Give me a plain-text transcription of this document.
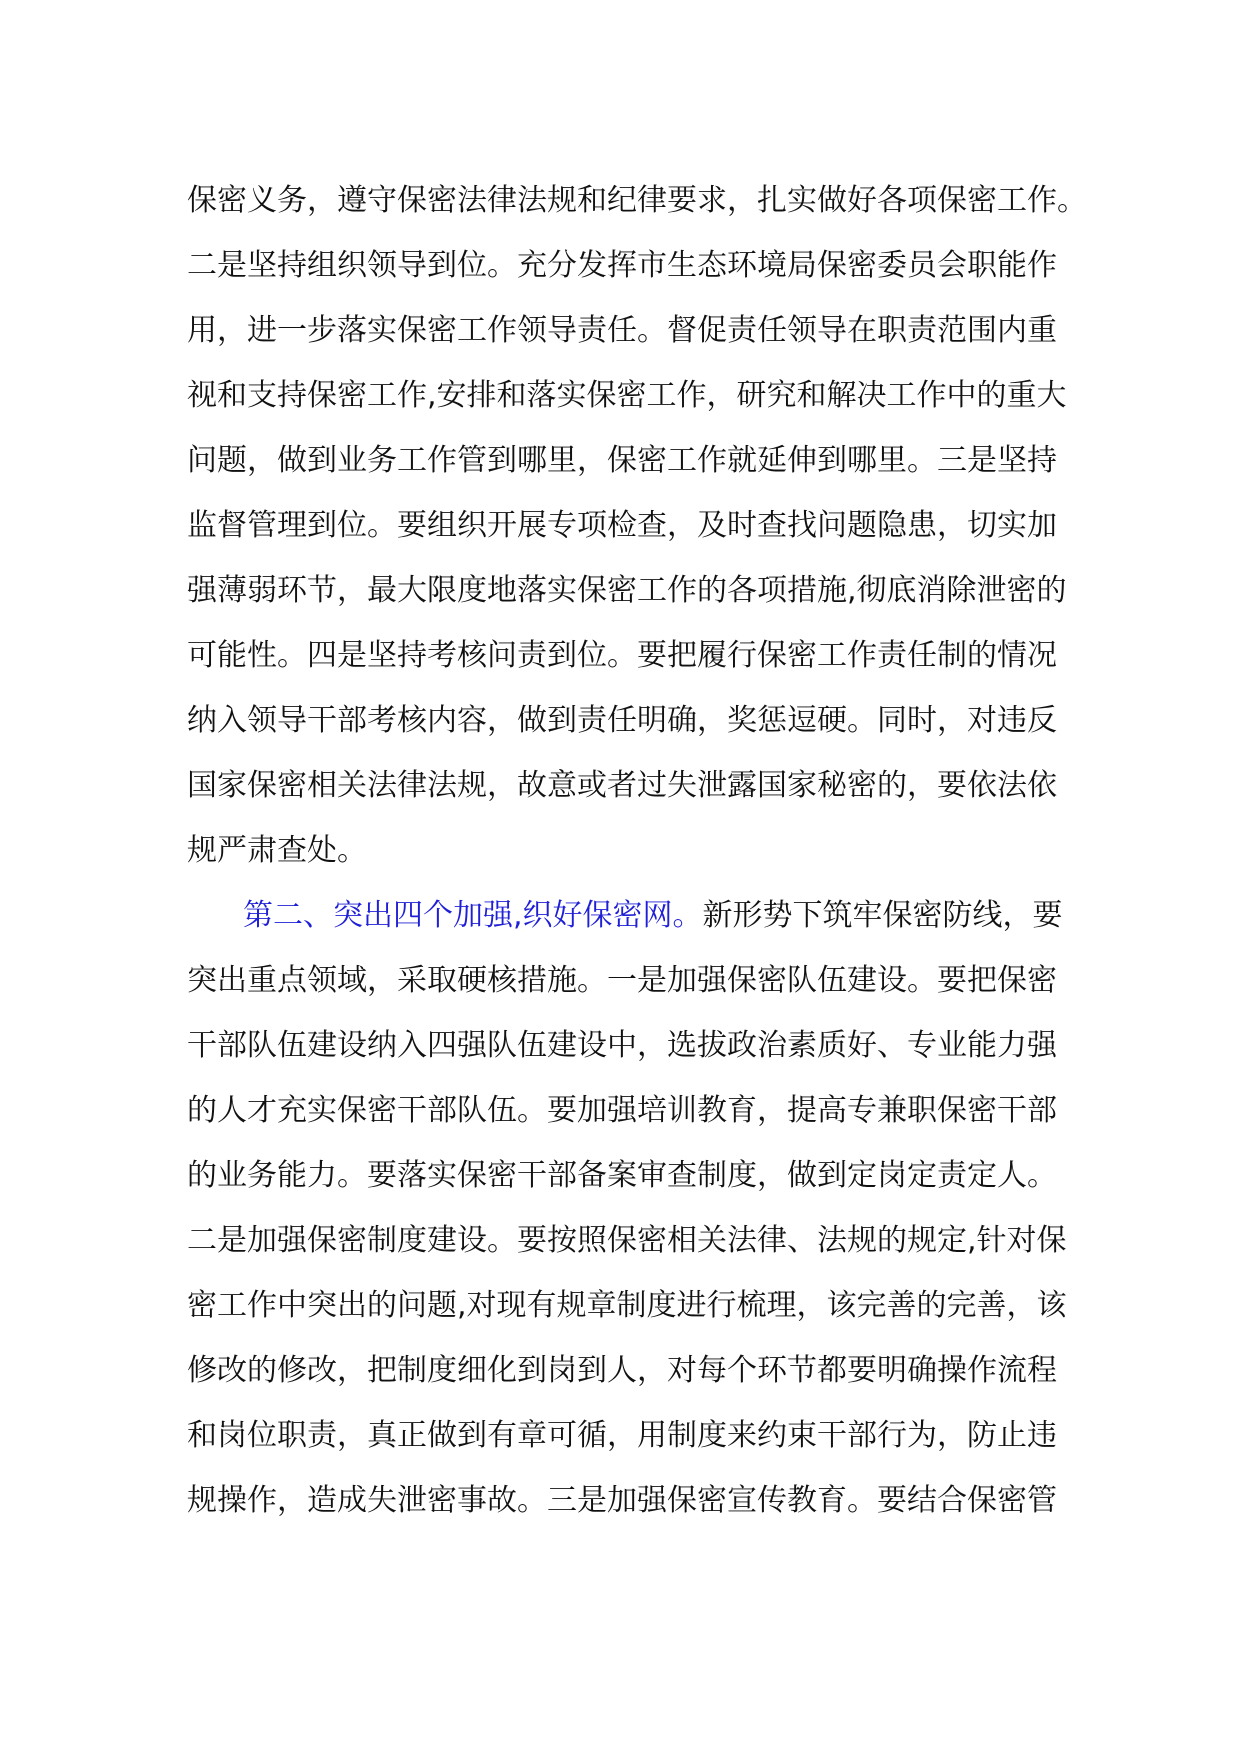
保密义务，遵守保密法律法规和纪律要求，扎实做好各项保密工作。
二是坚持组织领导到位。充分发挥市生态环境局保密委员会职能作
用，进一步落实保密工作领导责任。督促责任领导在职责范围内重
视和支持保密工作,安排和落实保密工作，研究和解决工作中的重大
问题，做到业务工作管到哪里，保密工作就延伸到哪里。三是坚持
监督管理到位。要组织开展专项检查，及时查找问题隐患，切实加
强薄弱环节，最大限度地落实保密工作的各项措施,彻底消除泄密的
可能性。四是坚持考核问责到位。要把履行保密工作责任制的情况
纳入领导干部考核内容，做到责任明确，奖惩逗硬。同时，对违反
国家保密相关法律法规，故意或者过失泄露国家秘密的，要依法依
规严肃查处。
第二、突出四个加强,织好保密网。新形势下筑牢保密防线，要
突出重点领域，采取硬核措施。一是加强保密队伍建设。要把保密
干部队伍建设纳入四强队伍建设中，选拔政治素质好、专业能力强
的人才充实保密干部队伍。要加强培训教育，提高专兼职保密干部
的业务能力。要落实保密干部备案审查制度，做到定岗定责定人。
二是加强保密制度建设。要按照保密相关法律、法规的规定,针对保
密工作中突出的问题,对现有规章制度进行梳理，该完善的完善，该
修改的修改，把制度细化到岗到人，对每个环节都要明确操作流程
和岗位职责，真正做到有章可循，用制度来约束干部行为，防止违
规操作，造成失泄密事故。三是加强保密宣传教育。要结合保密管
